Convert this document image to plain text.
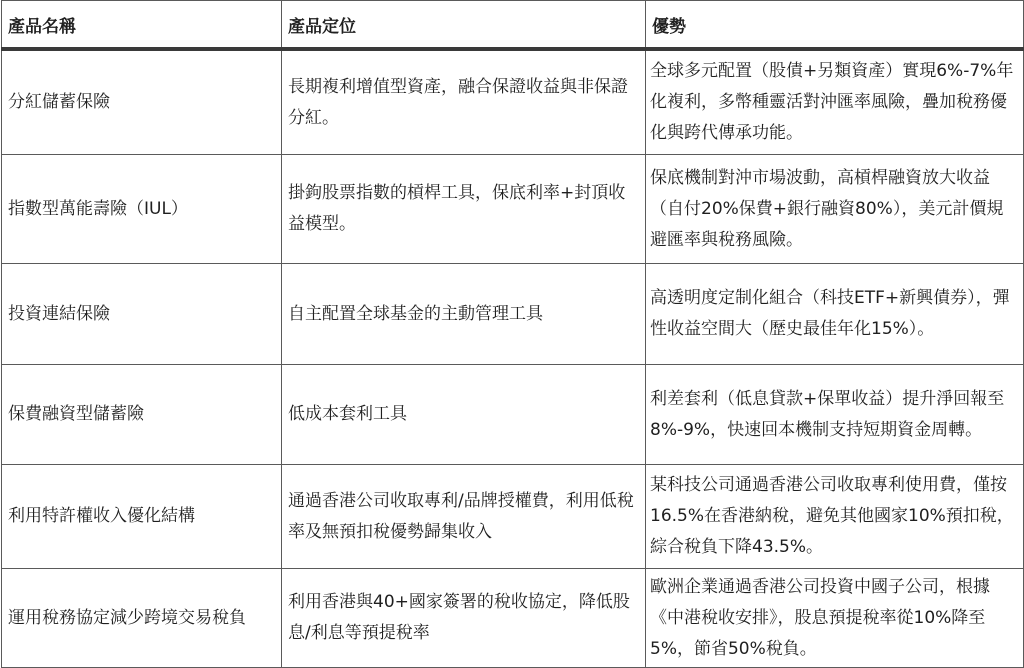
產品名稱	產品定位	優勢
分紅儲蓄保險	長期複利增值型資產，融合保證收益與非保證分紅。	全球多元配置（股債+另類資產）實現6%-7%年化複利，多幣種靈活對沖匯率風險，疊加稅務優化與跨代傳承功能。
指數型萬能壽險（IUL）	掛鉤股票指數的槓桿工具，保底利率+封頂收益模型。	保底機制對沖市場波動，高槓桿融資放大收益（自付20%保費+銀行融資80%），美元計價規避匯率與稅務風險。
投資連結保險	自主配置全球基金的主動管理工具	高透明度定制化組合（科技ETF+新興債券），彈性收益空間大（歷史最佳年化15%）。
保費融資型儲蓄險	低成本套利工具	利差套利（低息貸款+保單收益）提升淨回報至8%-9%，快速回本機制支持短期資金周轉。
利用特許權收入優化結構	通過香港公司收取專利/品牌授權費，利用低稅率及無預扣稅優勢歸集收入	某科技公司通過香港公司收取專利使用費，僅按16.5%在香港納稅，避免其他國家10%預扣稅，綜合稅負下降43.5%。
運用稅務協定減少跨境交易稅負	利用香港與40+國家簽署的稅收協定，降低股息/利息等預提稅率	歐洲企業通過香港公司投資中國子公司，根據《中港稅收安排》，股息預提稅率從10%降至5%，節省50%稅負。
